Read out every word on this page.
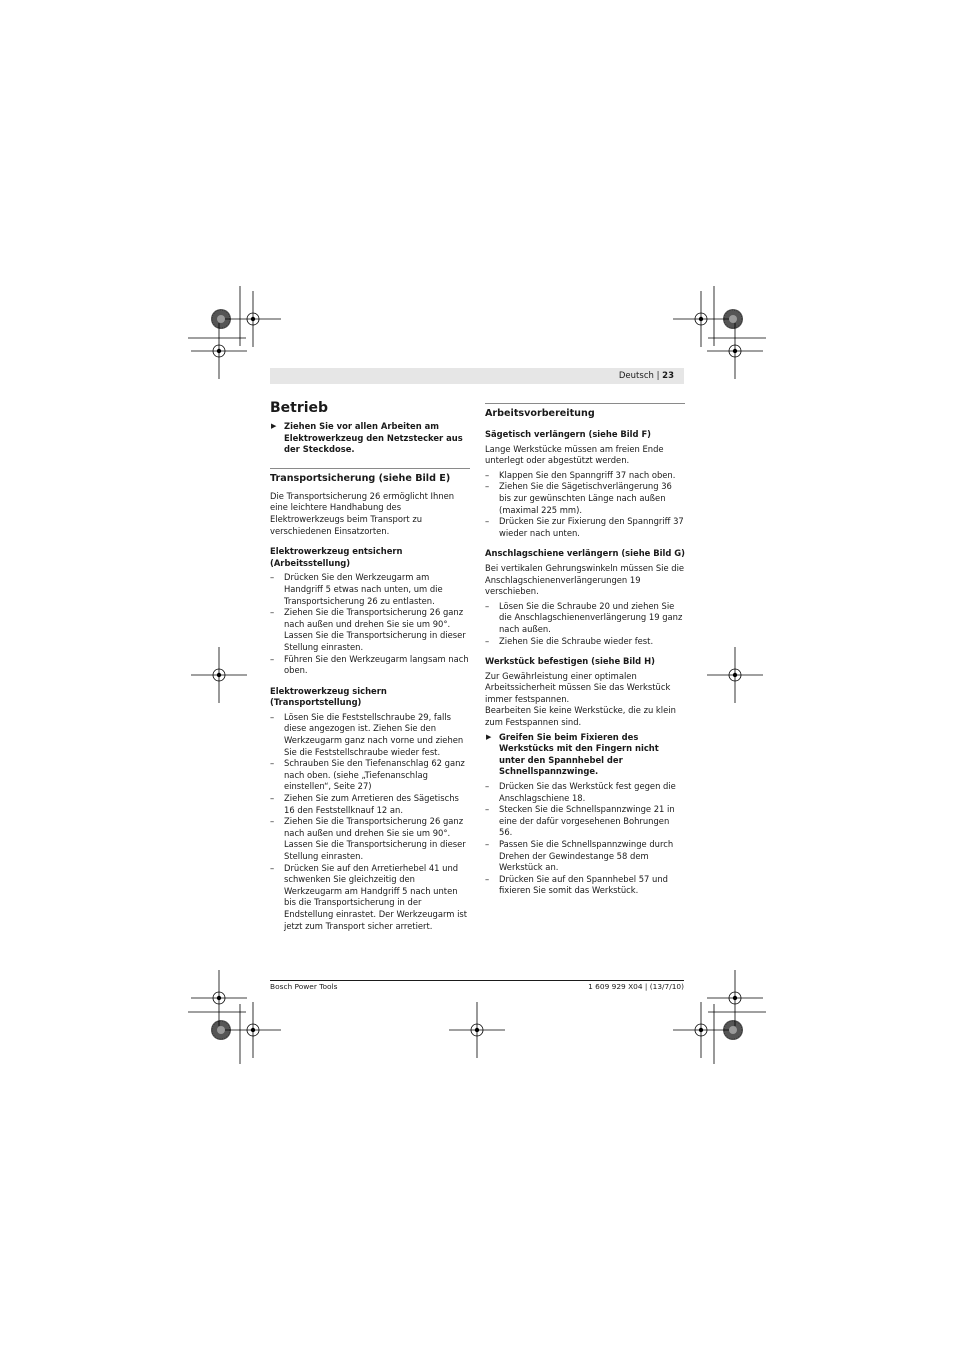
Deutsch | 23
Betrieb
▶ Ziehen Sie vor allen Arbeiten am Elektrowerkzeug den Netzstecker aus der Steckdose.
Transportsicherung (siehe Bild E)

Die Transportsicherung 26 ermöglicht Ihnen eine leichtere Handhabung des Elektrowerkzeugs beim Transport zu verschiedenen Einsatzorten.

Elektrowerkzeug entsichern (Arbeitsstellung)
– Drücken Sie den Werkzeugarm am Handgriff 5 etwas nach unten, um die Transportsicherung 26 zu entlasten.
– Ziehen Sie die Transportsicherung 26 ganz nach außen und drehen Sie sie um 90°. Lassen Sie die Transportsicherung in dieser Stellung einrasten.
– Führen Sie den Werkzeugarm langsam nach oben.
Elektrowerkzeug sichern (Transportstellung)
– Lösen Sie die Feststellschraube 29, falls diese angezogen ist. Ziehen Sie den Werkzeugarm ganz nach vorne und ziehen Sie die Feststellschraube wieder fest.
– Schrauben Sie den Tiefenanschlag 62 ganz nach oben. (siehe „Tiefenanschlag einstellen“, Seite 27)
– Ziehen Sie zum Arretieren des Sägetischs 16 den Feststellknauf 12 an.
– Ziehen Sie die Transportsicherung 26 ganz nach außen und drehen Sie sie um 90°. Lassen Sie die Transportsicherung in dieser Stellung einrasten.
– Drücken Sie auf den Arretierhebel 41 und schwenken Sie gleichzeitig den Werkzeugarm am Handgriff 5 nach unten bis die Transportsicherung in der Endstellung einrastet. Der Werkzeugarm ist jetzt zum Transport sicher arretiert.
Arbeitsvorbereitung
Sägetisch verlängern (siehe Bild F)

Lange Werkstücke müssen am freien Ende unterlegt oder abgestützt werden.

– Klappen Sie den Spanngriff 37 nach oben.
– Ziehen Sie die Sägetischverlängerung 36 bis zur gewünschten Länge nach außen (maximal 225 mm).
– Drücken Sie zur Fixierung den Spanngriff 37 wieder nach unten.
Anschlagschiene verlängern (siehe Bild G)

Bei vertikalen Gehrungswinkeln müssen Sie die Anschlagschienenverlängerungen 19 verschieben.

– Lösen Sie die Schraube 20 und ziehen Sie die Anschlagschienenverlängerung 19 ganz nach außen.
– Ziehen Sie die Schraube wieder fest.
Werkstück befestigen (siehe Bild H)

Zur Gewährleistung einer optimalen Arbeitssicherheit müssen Sie das Werkstück immer festspannen.

Bearbeiten Sie keine Werkstücke, die zu klein zum Festspannen sind.

▶ Greifen Sie beim Fixieren des Werkstücks mit den Fingern nicht unter den Spannhebel der Schnellspannzwinge.
– Drücken Sie das Werkstück fest gegen die Anschlagschiene 18.
– Stecken Sie die Schnellspannzwinge 21 in eine der dafür vorgesehenen Bohrungen 56.
– Passen Sie die Schnellspannzwinge durch Drehen der Gewindestange 58 dem Werkstück an.
– Drücken Sie auf den Spannhebel 57 und fixieren Sie somit das Werkstück.
Bosch Power Tools	1 609 929 X04 | (13/7/10)
